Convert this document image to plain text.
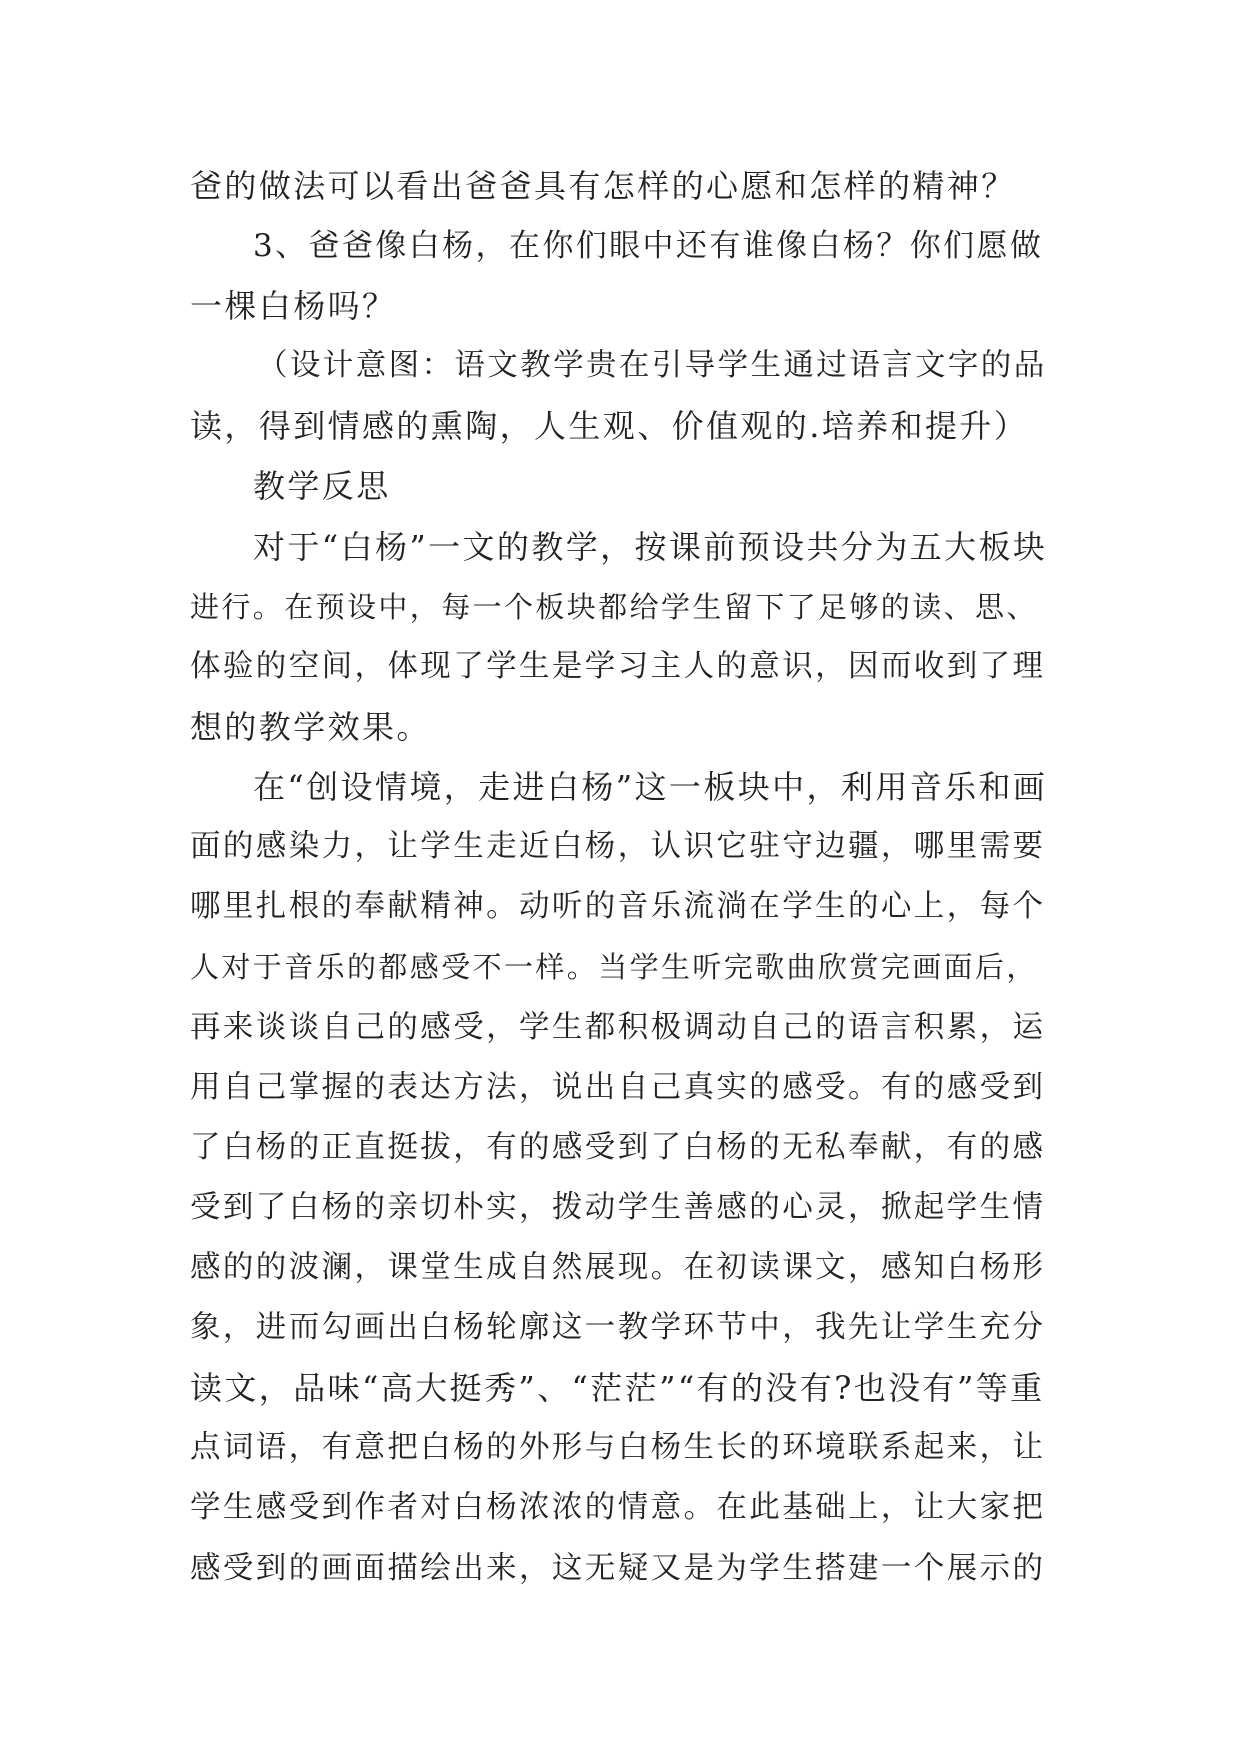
爸的做法可以看出爸爸具有怎样的心愿和怎样的精神？
3、爸爸像白杨，在你们眼中还有谁像白杨？你们愿做
一棵白杨吗？
（设计意图：语文教学贵在引导学生通过语言文字的品
读，得到情感的熏陶，人生观、价值观的.培养和提升）
教学反思
对于“白杨”一文的教学，按课前预设共分为五大板块
进行。在预设中，每一个板块都给学生留下了足够的读、思、
体验的空间，体现了学生是学习主人的意识，因而收到了理
想的教学效果。
在“创设情境，走进白杨”这一板块中，利用音乐和画
面的感染力，让学生走近白杨，认识它驻守边疆，哪里需要
哪里扎根的奉献精神。动听的音乐流淌在学生的心上，每个
人对于音乐的都感受不一样。当学生听完歌曲欣赏完画面后，
再来谈谈自己的感受，学生都积极调动自己的语言积累，运
用自己掌握的表达方法，说出自己真实的感受。有的感受到
了白杨的正直挺拔，有的感受到了白杨的无私奉献，有的感
受到了白杨的亲切朴实，拨动学生善感的心灵，掀起学生情
感的的波澜，课堂生成自然展现。在初读课文，感知白杨形
象，进而勾画出白杨轮廓这一教学环节中，我先让学生充分
读文，品味“高大挺秀”、“茫茫”“有的没有?也没有”等重
点词语，有意把白杨的外形与白杨生长的环境联系起来，让
学生感受到作者对白杨浓浓的情意。在此基础上，让大家把
感受到的画面描绘出来，这无疑又是为学生搭建一个展示的
